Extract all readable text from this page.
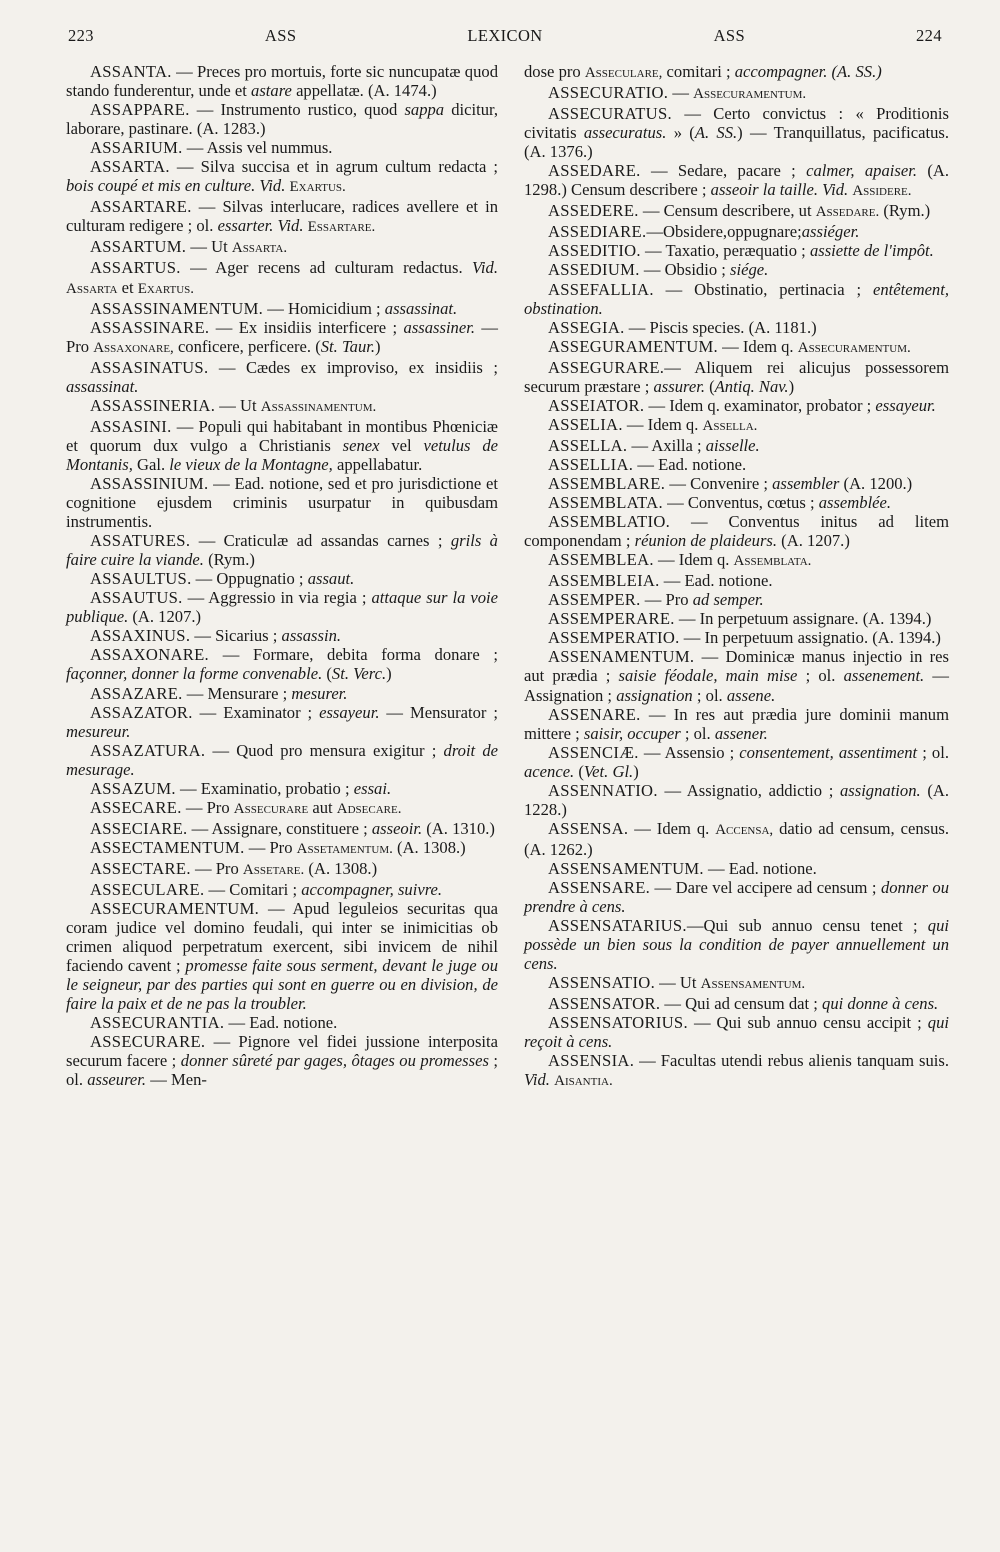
223	ASS	LEXICON	ASS	224

ASSANTA. — Preces pro mortuis, forte sic nuncupatæ quod stando funderentur, unde et astare appellatæ. (A. 1474.)

ASSAPPARE. — Instrumento rustico, quod sappa dicitur, laborare, pastinare. (A. 1283.)

ASSARIUM. — Assis vel nummus.

ASSARTA. — Silva succisa et in agrum cultum redacta ; bois coupé et mis en culture. Vid. Exartus.

ASSARTARE. — Silvas interlucare, radices avellere et in culturam redigere ; ol. essarter. Vid. Essartare.

ASSARTUM. — Ut Assarta.

ASSARTUS. — Ager recens ad culturam redactus. Vid. Assarta et Exartus.

ASSASSINAMENTUM. — Homicidium ; assassinat.

ASSASSINARE. — Ex insidiis interficere ; assassiner. — Pro Assaxonare, conficere, perficere. (St. Taur.)

ASSASINATUS. — Cædes ex improviso, ex insidiis ; assassinat.

ASSASSINERIA. — Ut Assassinamentum.

ASSASINI. — Populi qui habitabant in montibus Phœniciæ et quorum dux vulgo a Christianis senex vel vetulus de Montanis, Gal. le vieux de la Montagne, appellabatur.

ASSASSINIUM. — Ead. notione, sed et pro jurisdictione et cognitione ejusdem criminis usurpatur in quibusdam instrumentis.

ASSATURES. — Craticulæ ad assandas carnes ; grils à faire cuire la viande. (Rym.)

ASSAULTUS. — Oppugnatio ; assaut.

ASSAUTUS. — Aggressio in via regia ; attaque sur la voie publique. (A. 1207.)

ASSAXINUS. — Sicarius ; assassin.

ASSAXONARE. — Formare, debita forma donare ; façonner, donner la forme convenable. (St. Verc.)

ASSAZARE. — Mensurare ; mesurer.

ASSAZATOR. — Examinator ; essayeur. — Mensurator ; mesureur.

ASSAZATURA. — Quod pro mensura exigitur ; droit de mesurage.

ASSAZUM. — Examinatio, probatio ; essai.

ASSECARE. — Pro Assecurare aut Adsecare.

ASSECIARE. — Assignare, constituere ; asseoir. (A. 1310.)

ASSECTAMENTUM. — Pro Assetamentum. (A. 1308.)

ASSECTARE. — Pro Assetare. (A. 1308.)

ASSECULARE. — Comitari ; accompagner, suivre.

ASSECURAMENTUM. — Apud leguleios securitas qua coram judice vel domino feudali, qui inter se inimicitias ob crimen aliquod perpetratum exercent, sibi invicem de nihil faciendo cavent ; promesse faite sous serment, devant le juge ou le seigneur, par des parties qui sont en guerre ou en division, de faire la paix et de ne pas la troubler.

ASSECURANTIA. — Ead. notione.

ASSECURARE. — Pignore vel fidei jussione interposita securum facere ; donner sûreté par gages, ôtages ou promesses ; ol. asseurer. — Men-

dose pro Assecularе, comitari ; accompagner. (A. SS.)

ASSECURATIO. — Assecuramentum.

ASSECURATUS. — Certo convictus : « Proditionis civitatis assecuratus. » (A. SS.) — Tranquillatus, pacificatus. (A. 1376.)

ASSEDARE. — Sedare, pacare ; calmer, apaiser. (A. 1298.) Censum describere ; asseoir la taille. Vid. Assidere.

ASSEDERE. — Censum describere, ut Assedare. (Rym.)

ASSEDIARE.—Obsidere,oppugnare;assiéger.

ASSEDITIO. — Taxatio, peræquatio ; assiette de l'impôt.

ASSEDIUM. — Obsidio ; siége.

ASSEFALLIA. — Obstinatio, pertinacia ; entêtement, obstination.

ASSEGIA. — Piscis species. (A. 1181.)

ASSEGURAMENTUM. — Idem q. Assecuramentum.

ASSEGURARE.— Aliquem rei alicujus possessorem securum præstare ; assurer. (Antiq. Nav.)

ASSEIATOR. — Idem q. examinator, probator ; essayeur.

ASSELIA. — Idem q. Assella.

ASSELLA. — Axilla ; aisselle.

ASSELLIA. — Ead. notione.

ASSEMBLARE. — Convenire ; assembler (A. 1200.)

ASSEMBLATA. — Conventus, cœtus ; assemblée.

ASSEMBLATIO. — Conventus initus ad litem componendam ; réunion de plaideurs. (A. 1207.)

ASSEMBLEA. — Idem q. Assemblata.

ASSEMBLEIA. — Ead. notione.

ASSEMPER. — Pro ad semper.

ASSEMPERARE. — In perpetuum assignare. (A. 1394.)

ASSEMPERATIO. — In perpetuum assignatio. (A. 1394.)

ASSENAMENTUM. — Dominicæ manus injectio in res aut prædia ; saisie féodale, main mise ; ol. assenement. — Assignation ; assignation ; ol. assene.

ASSENARE. — In res aut prædia jure dominii manum mittere ; saisir, occuper ; ol. assener.

ASSENCIÆ. — Assensio ; consentement, assentiment ; ol. acence. (Vet. Gl.)

ASSENNATIO. — Assignatio, addictio ; assignation. (A. 1228.)

ASSENSA. — Idem q. Accensa, datio ad censum, census. (A. 1262.)

ASSENSAMENTUM. — Ead. notione.

ASSENSARE. — Dare vel accipere ad censum ; donner ou prendre à cens.

ASSENSATARIUS.—Qui sub annuo censu tenet ; qui possède un bien sous la condition de payer annuellement un cens.

ASSENSATIO. — Ut Assensamentum.

ASSENSATOR. — Qui ad censum dat ; qui donne à cens.

ASSENSATORIUS. — Qui sub annuo censu accipit ; qui reçoit à cens.

ASSENSIA. — Facultas utendi rebus alienis tanquam suis. Vid. Aisantia.
